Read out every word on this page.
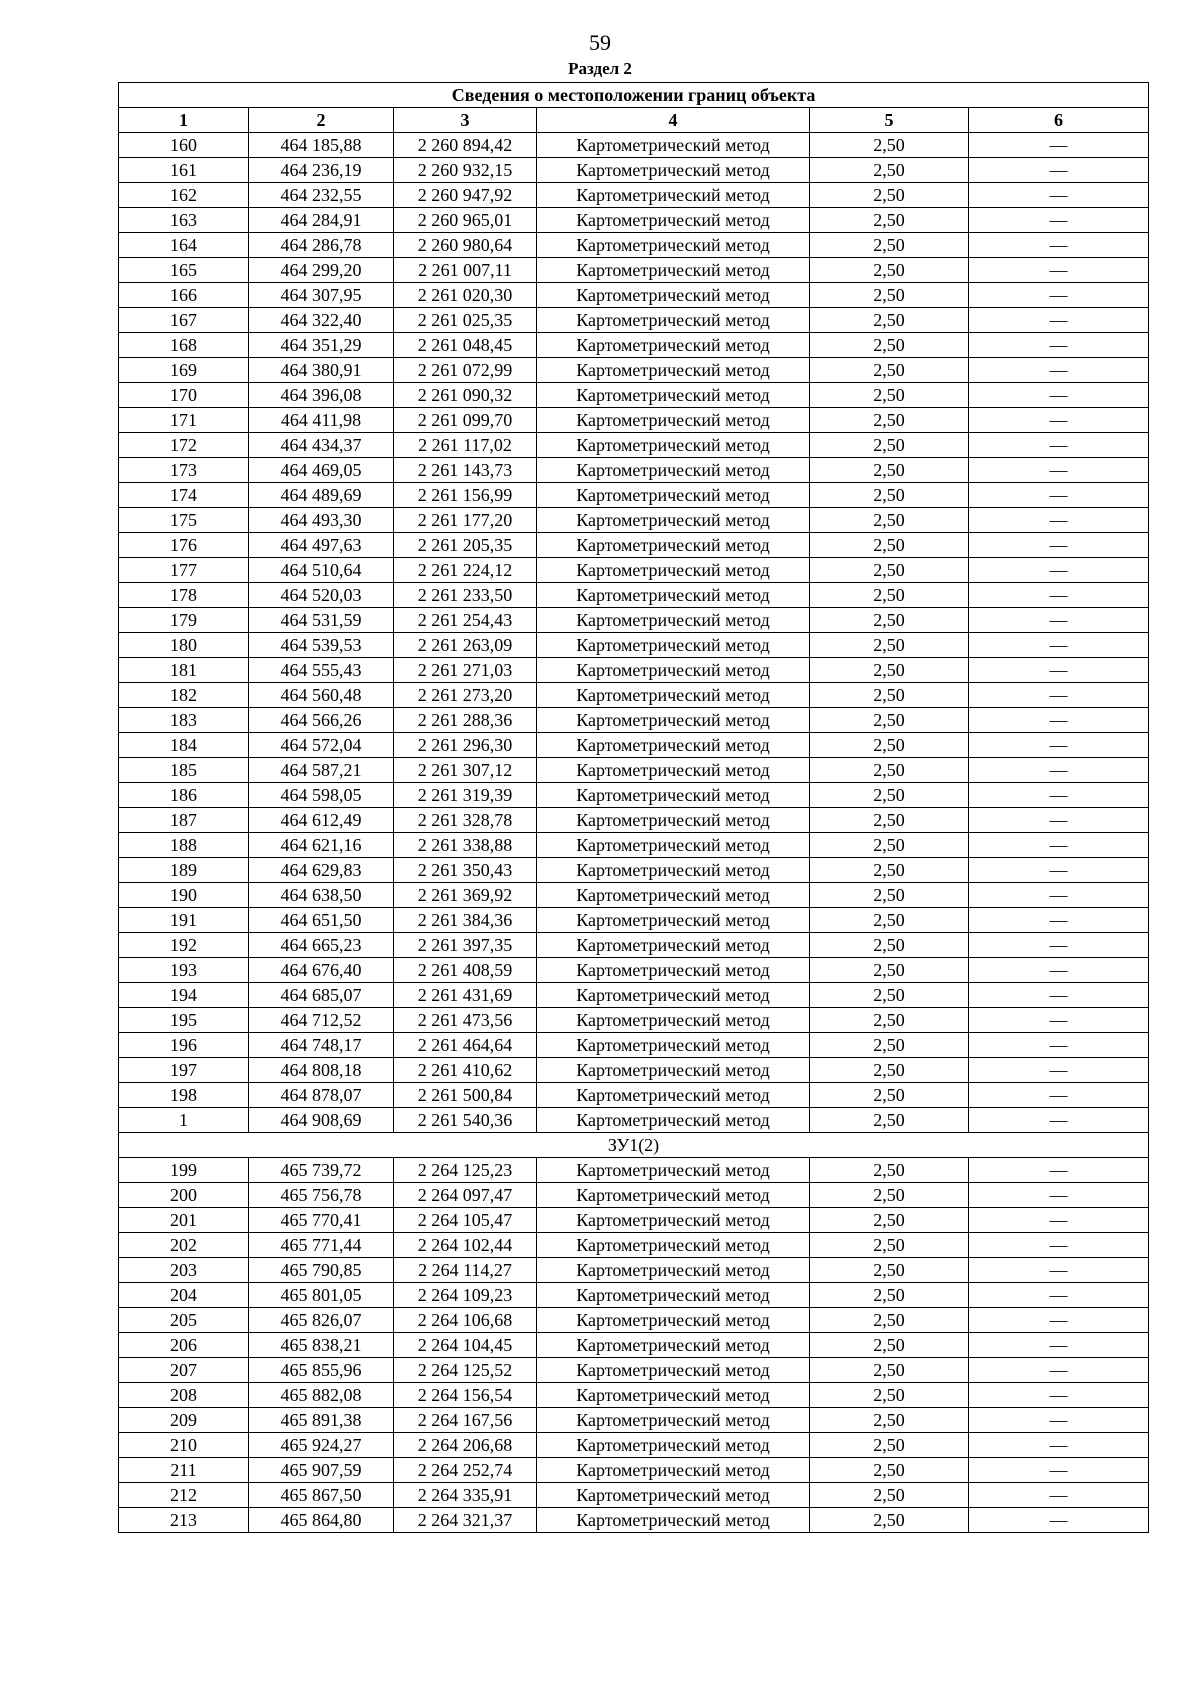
59
Раздел 2
Сведения о местоположении границ объекта					
1	2	3	4	5	6
160	464 185,88	2 260 894,42	Картометрический метод	2,50	—
161	464 236,19	2 260 932,15	Картометрический метод	2,50	—
162	464 232,55	2 260 947,92	Картометрический метод	2,50	—
163	464 284,91	2 260 965,01	Картометрический метод	2,50	—
164	464 286,78	2 260 980,64	Картометрический метод	2,50	—
165	464 299,20	2 261 007,11	Картометрический метод	2,50	—
166	464 307,95	2 261 020,30	Картометрический метод	2,50	—
167	464 322,40	2 261 025,35	Картометрический метод	2,50	—
168	464 351,29	2 261 048,45	Картометрический метод	2,50	—
169	464 380,91	2 261 072,99	Картометрический метод	2,50	—
170	464 396,08	2 261 090,32	Картометрический метод	2,50	—
171	464 411,98	2 261 099,70	Картометрический метод	2,50	—
172	464 434,37	2 261 117,02	Картометрический метод	2,50	—
173	464 469,05	2 261 143,73	Картометрический метод	2,50	—
174	464 489,69	2 261 156,99	Картометрический метод	2,50	—
175	464 493,30	2 261 177,20	Картометрический метод	2,50	—
176	464 497,63	2 261 205,35	Картометрический метод	2,50	—
177	464 510,64	2 261 224,12	Картометрический метод	2,50	—
178	464 520,03	2 261 233,50	Картометрический метод	2,50	—
179	464 531,59	2 261 254,43	Картометрический метод	2,50	—
180	464 539,53	2 261 263,09	Картометрический метод	2,50	—
181	464 555,43	2 261 271,03	Картометрический метод	2,50	—
182	464 560,48	2 261 273,20	Картометрический метод	2,50	—
183	464 566,26	2 261 288,36	Картометрический метод	2,50	—
184	464 572,04	2 261 296,30	Картометрический метод	2,50	—
185	464 587,21	2 261 307,12	Картометрический метод	2,50	—
186	464 598,05	2 261 319,39	Картометрический метод	2,50	—
187	464 612,49	2 261 328,78	Картометрический метод	2,50	—
188	464 621,16	2 261 338,88	Картометрический метод	2,50	—
189	464 629,83	2 261 350,43	Картометрический метод	2,50	—
190	464 638,50	2 261 369,92	Картометрический метод	2,50	—
191	464 651,50	2 261 384,36	Картометрический метод	2,50	—
192	464 665,23	2 261 397,35	Картометрический метод	2,50	—
193	464 676,40	2 261 408,59	Картометрический метод	2,50	—
194	464 685,07	2 261 431,69	Картометрический метод	2,50	—
195	464 712,52	2 261 473,56	Картометрический метод	2,50	—
196	464 748,17	2 261 464,64	Картометрический метод	2,50	—
197	464 808,18	2 261 410,62	Картометрический метод	2,50	—
198	464 878,07	2 261 500,84	Картометрический метод	2,50	—
1	464 908,69	2 261 540,36	Картометрический метод	2,50	—
ЗУ1(2)					
199	465 739,72	2 264 125,23	Картометрический метод	2,50	—
200	465 756,78	2 264 097,47	Картометрический метод	2,50	—
201	465 770,41	2 264 105,47	Картометрический метод	2,50	—
202	465 771,44	2 264 102,44	Картометрический метод	2,50	—
203	465 790,85	2 264 114,27	Картометрический метод	2,50	—
204	465 801,05	2 264 109,23	Картометрический метод	2,50	—
205	465 826,07	2 264 106,68	Картометрический метод	2,50	—
206	465 838,21	2 264 104,45	Картометрический метод	2,50	—
207	465 855,96	2 264 125,52	Картометрический метод	2,50	—
208	465 882,08	2 264 156,54	Картометрический метод	2,50	—
209	465 891,38	2 264 167,56	Картометрический метод	2,50	—
210	465 924,27	2 264 206,68	Картометрический метод	2,50	—
211	465 907,59	2 264 252,74	Картометрический метод	2,50	—
212	465 867,50	2 264 335,91	Картометрический метод	2,50	—
213	465 864,80	2 264 321,37	Картометрический метод	2,50	—
